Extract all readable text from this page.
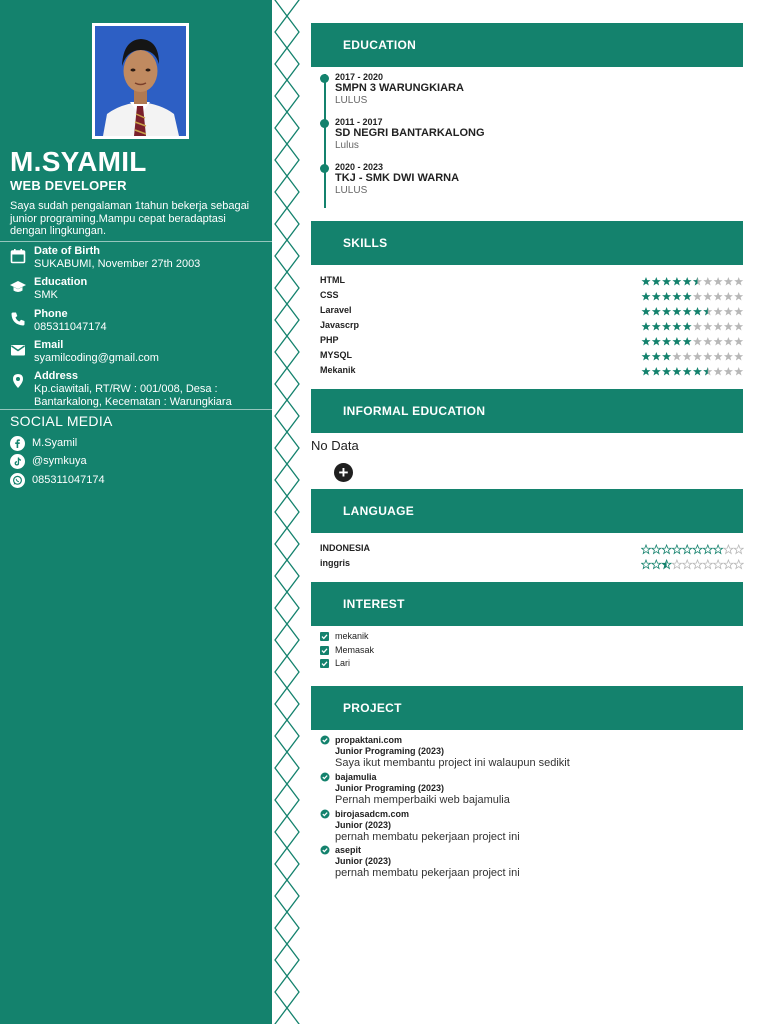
M.SYAMIL
WEB DEVELOPER
Saya sudah pengalaman 1tahun bekerja sebagai junior programing.Mampu cepat beradaptasi dengan lingkungan.
Date of Birth
SUKABUMI, November 27th 2003
Education
SMK
Phone
085311047174
Email
syamilcoding@gmail.com
Address
Kp.ciawitali, RT/RW : 001/008, Desa : Bantarkalong, Kecematan : Warungkiara
SOCIAL MEDIA
M.Syamil
@symkuya
085311047174
EDUCATION
2017 - 2020
SMPN 3 WARUNGKIARA
LULUS
2011 - 2017
SD NEGRI BANTARKALONG
Lulus
2020 - 2023
TKJ - SMK DWI WARNA
LULUS
SKILLS
HTML
CSS
Laravel
Javascrp
PHP
MYSQL
Mekanik
INFORMAL EDUCATION
No Data
+
LANGUAGE
INDONESIA
inggris
INTEREST
mekanik
Memasak
Lari
PROJECT
propaktani.com
Junior Programing (2023)
Saya ikut membantu project ini walaupun sedikit
bajamulia
Junior Programing (2023)
Pernah memperbaiki web bajamulia
birojasadcm.com
Junior (2023)
pernah membatu pekerjaan project ini
asepit
Junior (2023)
pernah membatu pekerjaan project ini
